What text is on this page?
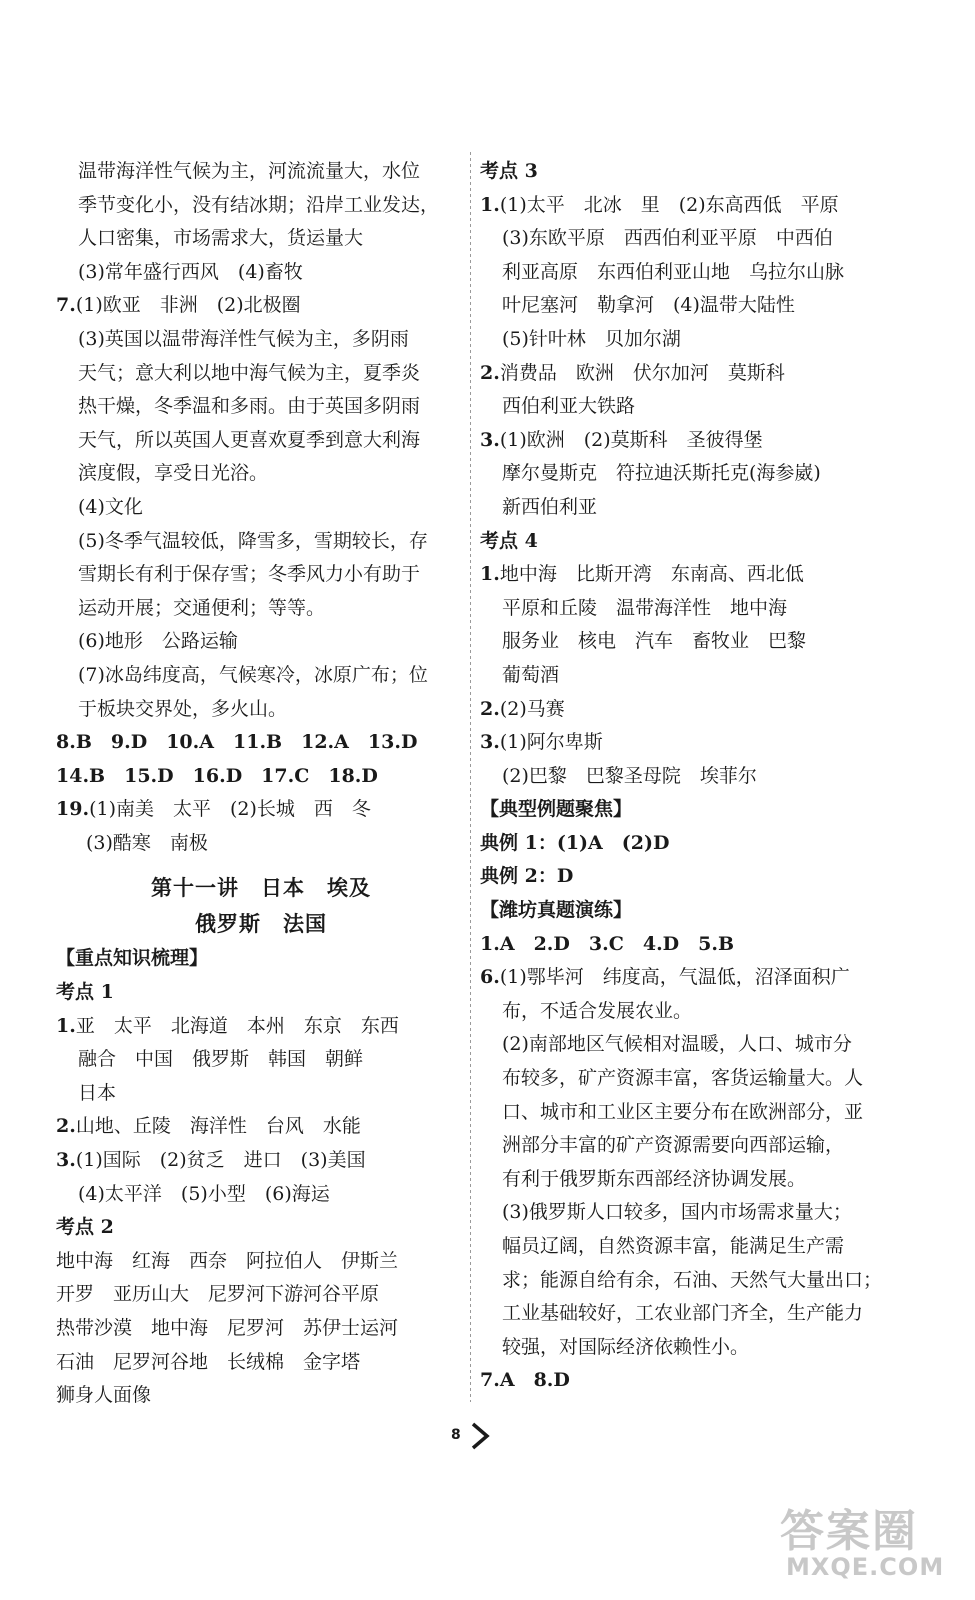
温带海洋性气候为主，河流流量大，水位
季节变化小，没有结冰期；沿岸工业发达，
人口密集，市场需求大，货运量大
(3)常年盛行西风　(4)畜牧
7.(1)欧亚　非洲　(2)北极圈
(3)英国以温带海洋性气候为主，多阴雨
天气；意大利以地中海气候为主，夏季炎
热干燥，冬季温和多雨。由于英国多阴雨
天气，所以英国人更喜欢夏季到意大利海
滨度假，享受日光浴。
(4)文化
(5)冬季气温较低，降雪多，雪期较长，存
雪期长有利于保存雪；冬季风力小有助于
运动开展；交通便利；等等。
(6)地形　公路运输
(7)冰岛纬度高，气候寒冷，冰原广布；位
于板块交界处，多火山。
8.B　9.D　10.A　11.B　12.A　13.D
14.B　15.D　16.D　17.C　18.D
19.(1)南美　太平　(2)长城　西　冬
(3)酷寒　南极
第十一讲　日本　埃及
俄罗斯　法国
【重点知识梳理】
考点 1
1.亚　太平　北海道　本州　东京　东西
融合　中国　俄罗斯　韩国　朝鲜
日本
2.山地、丘陵　海洋性　台风　水能
3.(1)国际　(2)贫乏　进口　(3)美国
(4)太平洋　(5)小型　(6)海运
考点 2
地中海　红海　西奈　阿拉伯人　伊斯兰
开罗　亚历山大　尼罗河下游河谷平原
热带沙漠　地中海　尼罗河　苏伊士运河
石油　尼罗河谷地　长绒棉　金字塔
狮身人面像
考点 3
1.(1)太平　北冰　里　(2)东高西低　平原
(3)东欧平原　西西伯利亚平原　中西伯
利亚高原　东西伯利亚山地　乌拉尔山脉
叶尼塞河　勒拿河　(4)温带大陆性
(5)针叶林　贝加尔湖
2.消费品　欧洲　伏尔加河　莫斯科
西伯利亚大铁路
3.(1)欧洲　(2)莫斯科　圣彼得堡
摩尔曼斯克　符拉迪沃斯托克(海参崴)
新西伯利亚
考点 4
1.地中海　比斯开湾　东南高、西北低
平原和丘陵　温带海洋性　地中海
服务业　核电　汽车　畜牧业　巴黎
葡萄酒
2.(2)马赛
3.(1)阿尔卑斯
(2)巴黎　巴黎圣母院　埃菲尔
【典型例题聚焦】
典例 1：(1)A　(2)D
典例 2：D
【潍坊真题演练】
1.A　2.D　3.C　4.D　5.B
6.(1)鄂毕河　纬度高，气温低，沼泽面积广
布，不适合发展农业。
(2)南部地区气候相对温暖，人口、城市分
布较多，矿产资源丰富，客货运输量大。人
口、城市和工业区主要分布在欧洲部分，亚
洲部分丰富的矿产资源需要向西部运输，
有利于俄罗斯东西部经济协调发展。
(3)俄罗斯人口较多，国内市场需求量大；
幅员辽阔，自然资源丰富，能满足生产需
求；能源自给有余，石油、天然气大量出口；
工业基础较好，工农业部门齐全，生产能力
较强，对国际经济依赖性小。
7.A　8.D
8
答案圈
MXQE.COM
